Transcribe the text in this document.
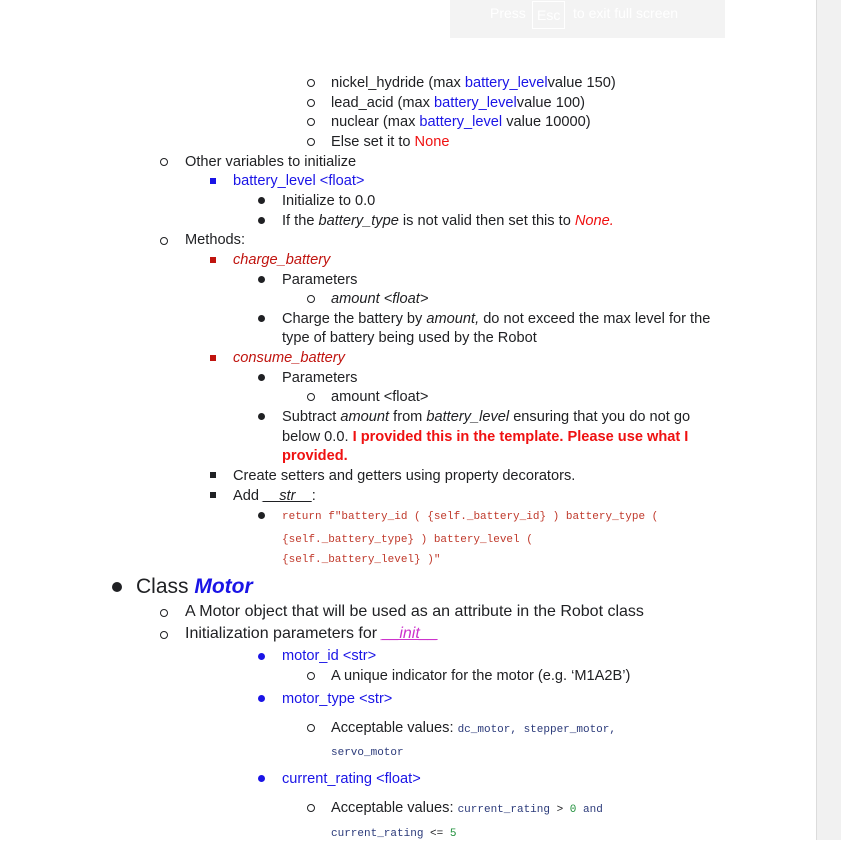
Press Esc to exit full screen
nickel_hydride (max battery_levelvalue 150)
lead_acid (max battery_levelvalue 100)
nuclear (max battery_level value 10000)
Else set it to None
Other variables to initialize
battery_level <float>
Initialize to 0.0
If the battery_type is not valid then set this to None.
Methods:
charge_battery
Parameters
amount <float>
Charge the battery by amount, do not exceed the max level for the
type of battery being used by the Robot
consume_battery
Parameters
amount <float>
Subtract amount from battery_level ensuring that you do not go
below 0.0. I provided this in the template. Please use what I
provided.
Create setters and getters using property decorators.
Add __str__:
return f"battery_id ( {self._battery_id} ) battery_type (
{self._battery_type} ) battery_level (
{self._battery_level} )"
Class Motor
A Motor object that will be used as an attribute in the Robot class
Initialization parameters for __init__
motor_id <str>
A unique indicator for the motor (e.g. ‘M1A2B’)
motor_type <str>
Acceptable values: dc_motor, stepper_motor,
servo_motor
current_rating <float>
Acceptable values: current_rating > 0 and
current_rating <= 5
